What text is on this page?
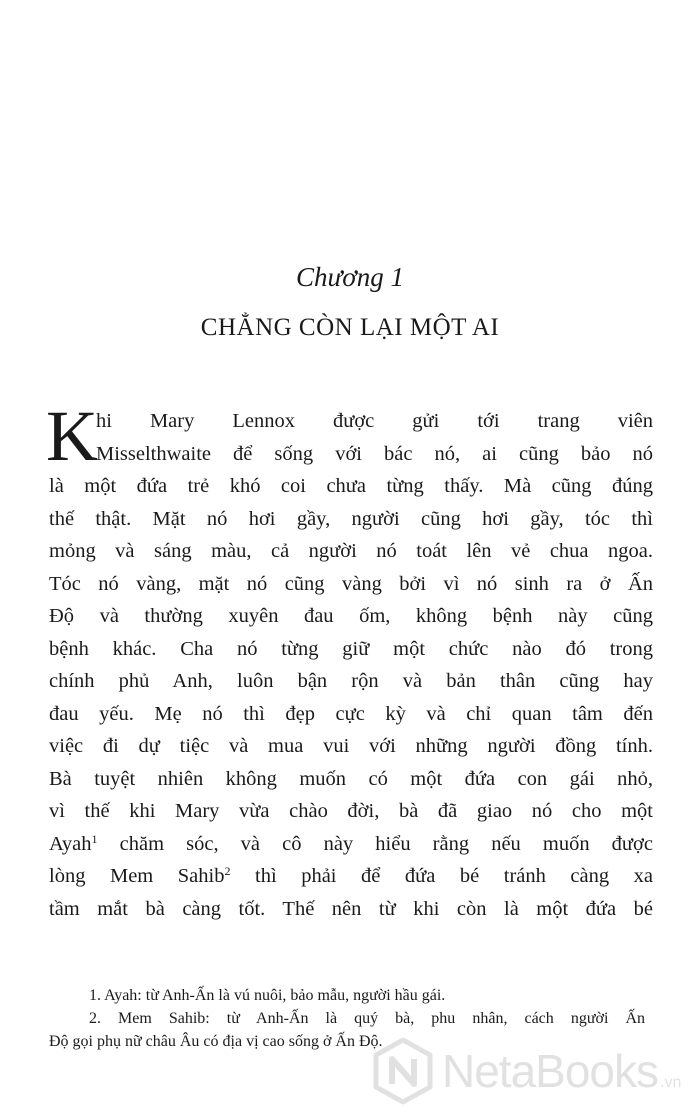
Chương 1
CHẲNG CÒN LẠI MỘT AI
K
hi Mary Lennox được gửi tới trang viên
Misselthwaite để sống với bác nó, ai cũng bảo nó
là một đứa trẻ khó coi chưa từng thấy. Mà cũng đúng
thế thật. Mặt nó hơi gầy, người cũng hơi gầy, tóc thì
mỏng và sáng màu, cả người nó toát lên vẻ chua ngoa.
Tóc nó vàng, mặt nó cũng vàng bởi vì nó sinh ra ở Ấn
Độ và thường xuyên đau ốm, không bệnh này cũng
bệnh khác. Cha nó từng giữ một chức nào đó trong
chính phủ Anh, luôn bận rộn và bản thân cũng hay
đau yếu. Mẹ nó thì đẹp cực kỳ và chỉ quan tâm đến
việc đi dự tiệc và mua vui với những người đồng tính.
Bà tuyệt nhiên không muốn có một đứa con gái nhỏ,
vì thế khi Mary vừa chào đời, bà đã giao nó cho một
Ayah$^1$ chăm sóc, và cô này hiểu rằng nếu muốn được
lòng Mem Sahib$^2$ thì phải để đứa bé tránh càng xa
tầm mắt bà càng tốt. Thế nên từ khi còn là một đứa bé
1. Ayah: từ Anh-Ấn là vú nuôi, bảo mẫu, người hầu gái.
2. Mem Sahib: từ Anh-Ấn là quý bà, phu nhân, cách người Ấn
Độ gọi phụ nữ châu Âu có địa vị cao sống ở Ấn Độ.
NetaBooks .vn
